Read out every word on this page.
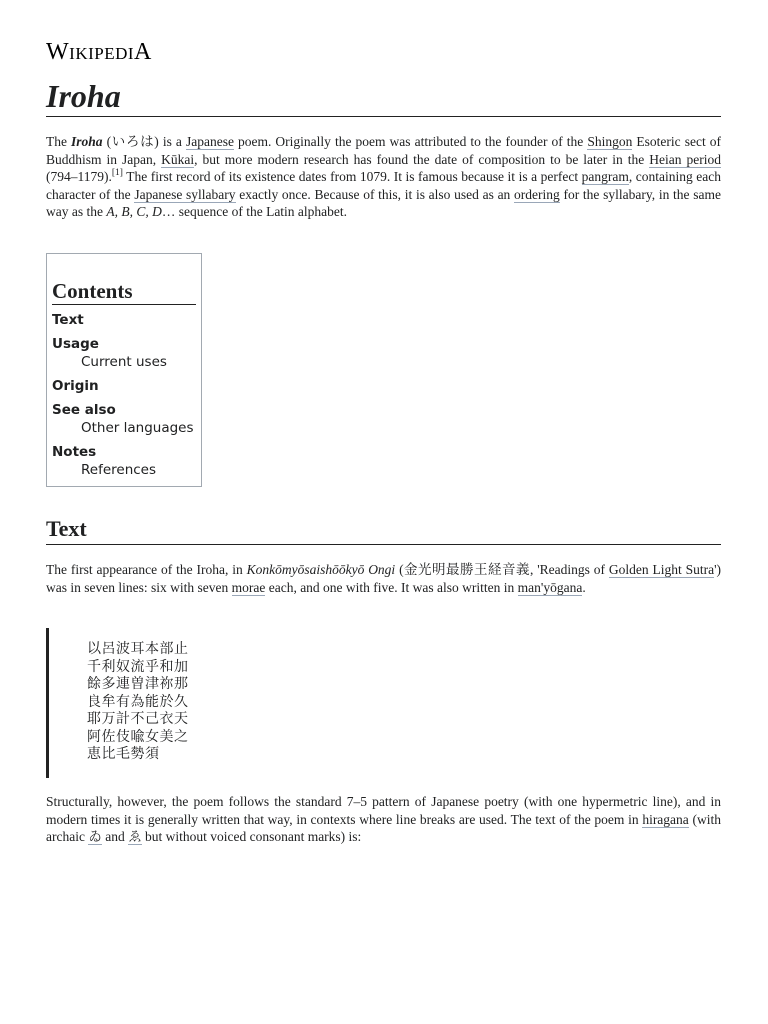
WIKIPEDIA
Iroha

The Iroha (いろは) is a Japanese poem. Originally the poem was attributed to the founder of the Shingon Esoteric sect of Buddhism in Japan, Kūkai, but more modern research has found the date of composition to be later in the Heian period (794–1179).[1] The first record of its existence dates from 1079. It is famous because it is a perfect pangram, containing each character of the Japanese syllabary exactly once. Because of this, it is also used as an ordering for the syllabary, in the same way as the A, B, C, D… sequence of the Latin alphabet.

Contents
Text
Usage
Current uses
Origin
See also
Other languages
Notes
References
Text

The first appearance of the Iroha, in Konkōmyōsaishōōkyō Ongi (金光明最勝王経音義, 'Readings of Golden Light Sutra') was in seven lines: six with seven morae each, and one with five. It was also written in man'yōgana.

以呂波耳本部止
千利奴流乎和加
餘多連曽津祢那
良牟有為能於久
耶万計不己衣天
阿佐伎喩女美之
恵比毛勢須

Structurally, however, the poem follows the standard 7–5 pattern of Japanese poetry (with one hypermetric line), and in modern times it is generally written that way, in contexts where line breaks are used. The text of the poem in hiragana (with archaic ゐ and ゑ but without voiced consonant marks) is:
